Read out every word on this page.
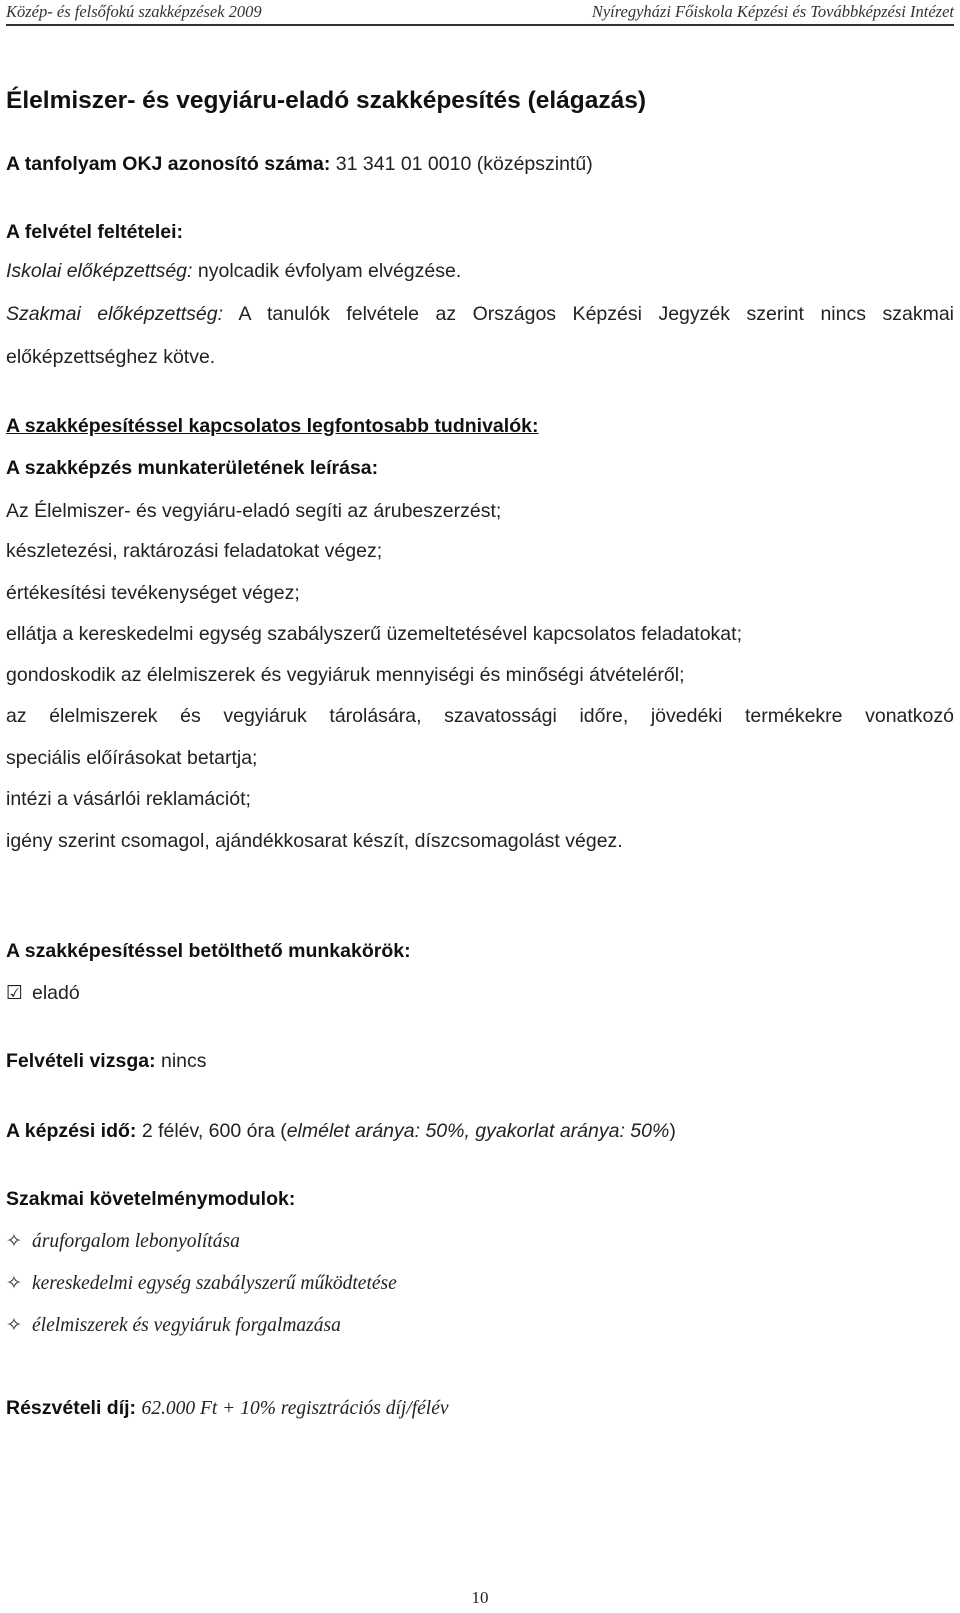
Közép- és felsőfokú szakképzések 2009	Nyíregyházi Főiskola Képzési és Továbbképzési Intézet
Élelmiszer- és vegyiáru-eladó szakképesítés (elágazás)
A tanfolyam OKJ azonosító száma: 31 341 01 0010 (középszintű)
A felvétel feltételei:
Iskolai előképzettség: nyolcadik évfolyam elvégzése.
Szakmai előképzettség: A tanulók felvétele az Országos Képzési Jegyzék szerint nincs szakmai
előképzettséghez kötve.
A szakképesítéssel kapcsolatos legfontosabb tudnivalók:
A szakképzés munkaterületének leírása:
Az Élelmiszer- és vegyiáru-eladó segíti az árubeszerzést;
készletezési, raktározási feladatokat végez;
értékesítési tevékenységet végez;
ellátja a kereskedelmi egység szabályszerű üzemeltetésével kapcsolatos feladatokat;
gondoskodik az élelmiszerek és vegyiáruk mennyiségi és minőségi átvételéről;
az élelmiszerek és vegyiáruk tárolására, szavatossági időre, jövedéki termékekre vonatkozó
speciális előírásokat betartja;
intézi a vásárlói reklamációt;
igény szerint csomagol, ajándékkosarat készít, díszcsomagolást végez.
A szakképesítéssel betölthető munkakörök:
☑ eladó
Felvételi vizsga: nincs
A képzési idő: 2 félév, 600 óra (elmélet aránya: 50%, gyakorlat aránya: 50%)
Szakmai követelménymodulok:
✧ áruforgalom lebonyolítása
✧ kereskedelmi egység szabályszerű működtetése
✧ élelmiszerek és vegyiáruk forgalmazása
Részvételi díj: 62.000 Ft + 10% regisztrációs díj/félév
10
